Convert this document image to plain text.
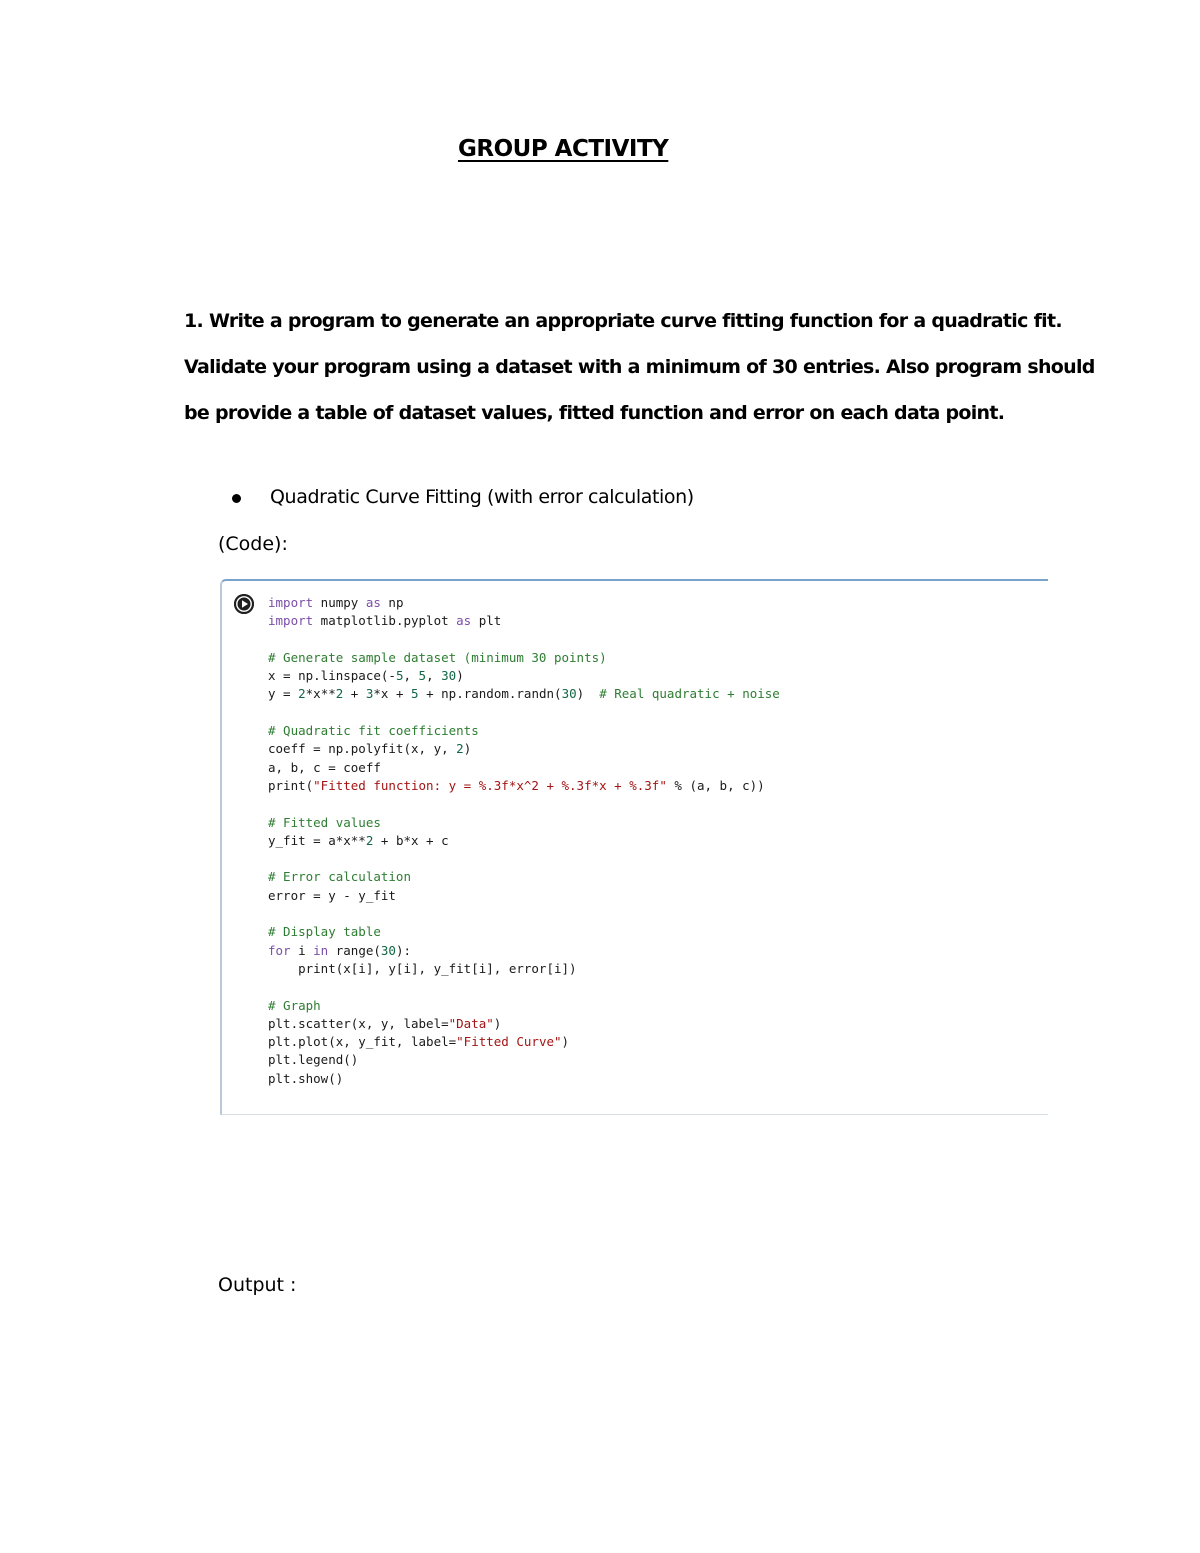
GROUP ACTIVITY
1. Write a program to generate an appropriate curve fitting function for a quadratic fit.
Validate your program using a dataset with a minimum of 30 entries. Also program should
be provide a table of dataset values, fitted function and error on each data point.
Quadratic Curve Fitting (with error calculation)
(Code):
import numpy as np
import matplotlib.pyplot as plt
# Generate sample dataset (minimum 30 points)
x = np.linspace(-5, 5, 30)
y = 2*x**2 + 3*x + 5 + np.random.randn(30)  # Real quadratic + noise
# Quadratic fit coefficients
coeff = np.polyfit(x, y, 2)
a, b, c = coeff
print("Fitted function: y = %.3f*x^2 + %.3f*x + %.3f" % (a, b, c))
# Fitted values
y_fit = a*x**2 + b*x + c
# Error calculation
error = y - y_fit
# Display table
for i in range(30):
print(x[i], y[i], y_fit[i], error[i])
# Graph
plt.scatter(x, y, label="Data")
plt.plot(x, y_fit, label="Fitted Curve")
plt.legend()
plt.show()
Output :
